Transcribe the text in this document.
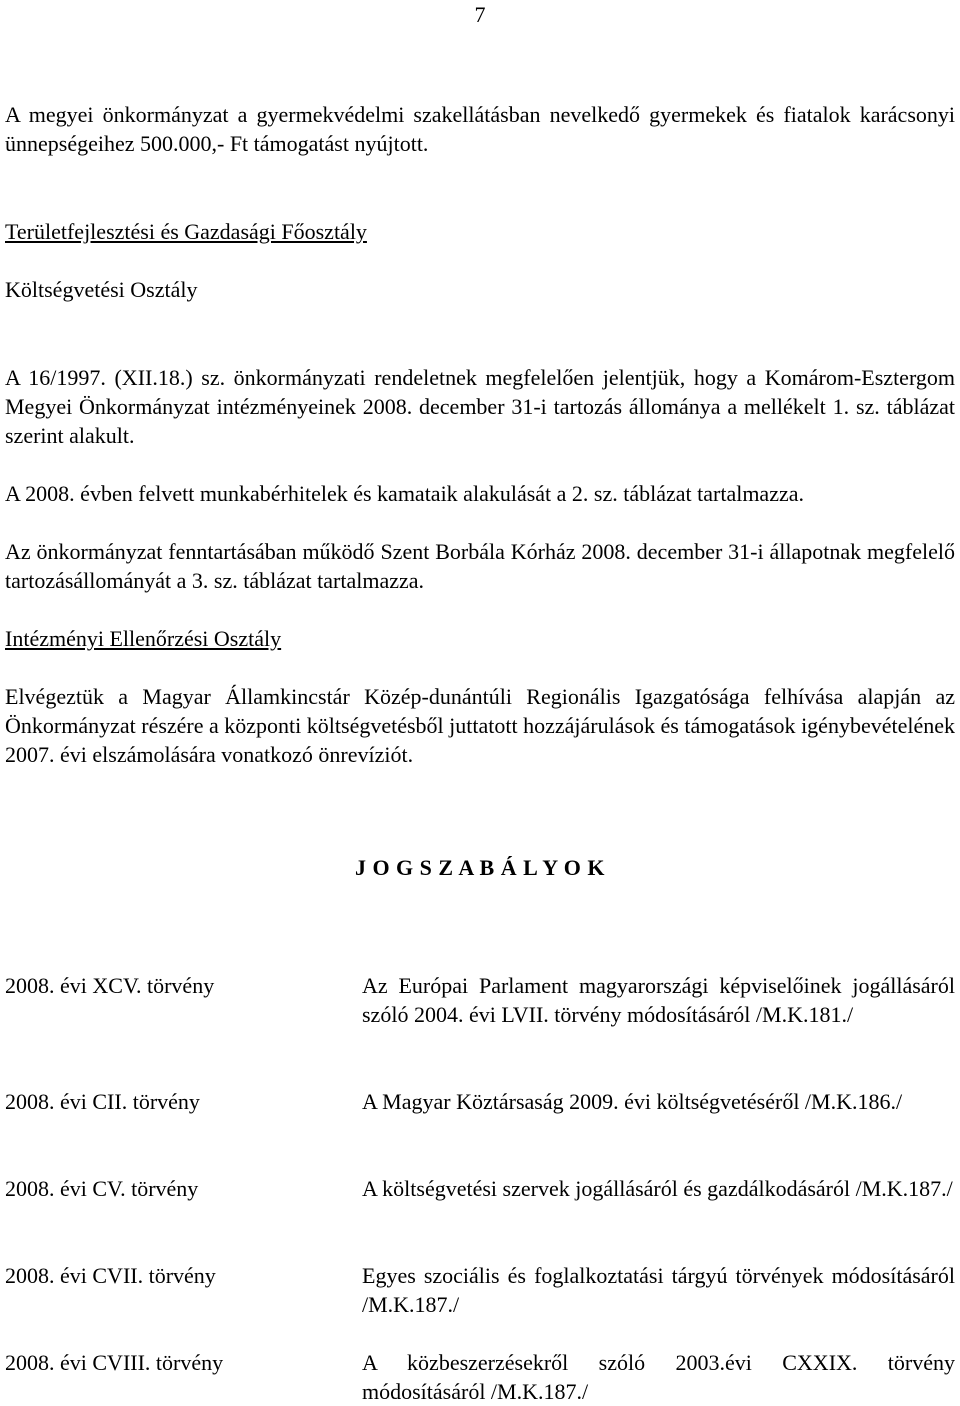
7

A megyei önkormányzat a gyermekvédelmi szakellátásban nevelkedő gyermekek és fiatalok karácsonyi ünnepségeihez 500.000,- Ft támogatást nyújtott.

Területfejlesztési és Gazdasági Főosztály

Költségvetési Osztály

A 16/1997. (XII.18.) sz. önkormányzati rendeletnek megfelelően jelentjük, hogy a Komárom-Esztergom Megyei Önkormányzat intézményeinek 2008. december 31-i tartozás állománya a mellékelt 1. sz. táblázat szerint alakult.

A 2008. évben felvett munkabérhitelek és kamataik alakulását a 2. sz. táblázat tartalmazza.

Az önkormányzat fenntartásában működő Szent Borbála Kórház 2008. december 31-i állapotnak megfelelő tartozásállományát a 3. sz. táblázat tartalmazza.

Intézményi Ellenőrzési Osztály

Elvégeztük a Magyar Államkincstár Közép-dunántúli Regionális Igazgatósága felhívása alapján az Önkormányzat részére a központi költségvetésből juttatott hozzájárulások és támogatások igénybevételének 2007. évi elszámolására vonatkozó önrevíziót.

J O G S Z A B Á L Y O K
2008. évi XCV. törvény	Az Európai Parlament magyarországi képviselőinek jogállásáról szóló 2004. évi LVII. törvény módosításáról /M.K.181./
2008. évi CII. törvény	A Magyar Köztársaság 2009. évi költségvetéséről /M.K.186./
2008. évi CV. törvény	A költségvetési szervek jogállásáról és gazdálkodásáról /M.K.187./
2008. évi CVII. törvény	Egyes szociális és foglalkoztatási tárgyú törvények módosításáról /M.K.187./
2008. évi CVIII. törvény	A közbeszerzésekről szóló 2003.évi CXXIX. törvény módosításáról /M.K.187./
